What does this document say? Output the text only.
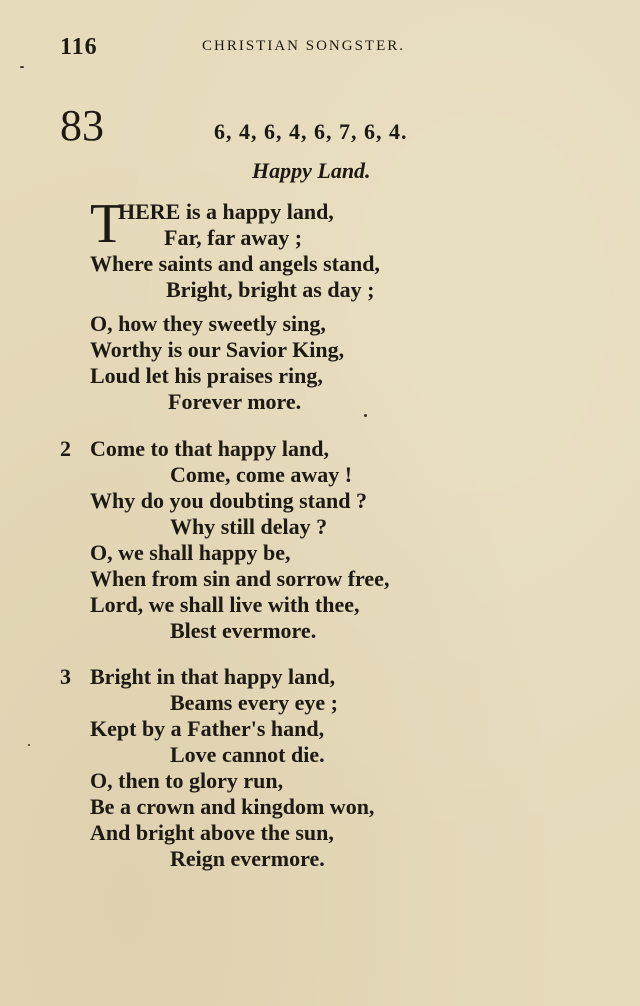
116	CHRISTIAN SONGSTER.
83	6, 4, 6, 4, 6, 7, 6, 4.
Happy Land.
T
HERE is a happy land,
Far, far away ;
Where saints and angels stand,
Bright, bright as day ;
O, how they sweetly sing,
Worthy is our Savior King,
Loud let his praises ring,
Forever more.
2 Come to that happy land,
Come, come away !
Why do you doubting stand ?
Why still delay ?
O, we shall happy be,
When from sin and sorrow free,
Lord, we shall live with thee,
Blest evermore.
3 Bright in that happy land,
Beams every eye ;
Kept by a Father's hand,
Love cannot die.
O, then to glory run,
Be a crown and kingdom won,
And bright above the sun,
Reign evermore.
